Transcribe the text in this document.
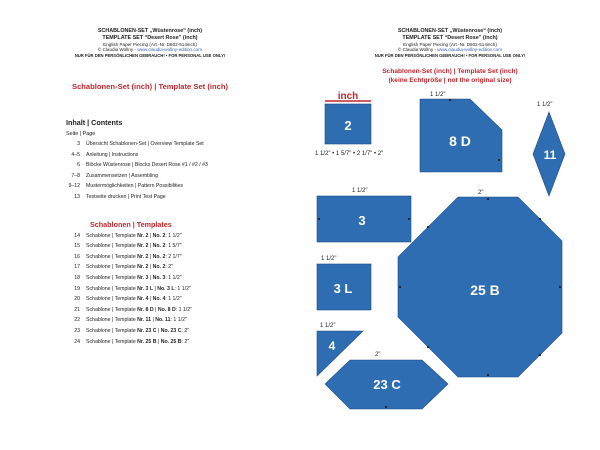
SCHABLONEN-SET „Wüstenrose“ (inch)
TEMPLATE SET “Desert Rose” (inch)
English Paper Piecing (Art.-Nr. D802-514inch)
© Claudia Wollny - www.claudia-wollny-edition.com
NUR FÜR DEN PERSÖNLICHEN GEBRAUCH! • FOR PERSONAL USE ONLY!
Schablonen-Set (inch) | Template Set (inch)
Inhalt | Contents
Seite | Page
3 Übersicht Schablonen-Set | Overview Template Set
4–5 Anleitung | Instructions
6 Blöcke Wüstenrose | Blocks Desert Rose #1 / #2 / #3
7–8 Zusammensetzen | Assembling
9–12 Mustermöglichkeiten | Pattern Possibilities
13 Testseite drucken | Print Test Page
Schablonen | Templates
14 Schablone | Template Nr. 2 | No. 2: 1 1/2"
15 Schablone | Template Nr. 2 | No. 2: 1 5/7"
16 Schablone | Template Nr. 2 | No. 2: 2 1/7"
17 Schablone | Template Nr. 2 | No. 2: 2"
18 Schablone | Template Nr. 3 | No. 3: 1 1/2"
19 Schablone | Template Nr. 3 L | No. 3 L: 1 1/2"
20 Schablone | Template Nr. 4 | No. 4: 1 1/2"
21 Schablone | Template Nr. 8 D | No. 8 D: 1 1/2"
22 Schablone | Template Nr. 11 | No. 11: 1 1/2"
23 Schablone | Template Nr. 23 C | No. 23 C: 2"
24 Schablone | Template Nr. 25 B | No. 25 B: 2"
SCHABLONEN-SET „Wüstenrose“ (inch)
TEMPLATE SET “Desert Rose” (inch)
English Paper Piecing (Art.-Nr. D802-514inch)
© Claudia Wollny - www.claudia-wollny-edition.com
NUR FÜR DEN PERSÖNLICHEN GEBRAUCH! • FOR PERSONAL USE ONLY!
Schablonen-Set (inch) | Template Set (inch)
(keine Echtgröße | not the original size)
inch
2
1 1/2" • 1 5/7" • 2 1/7" • 2"
1 1/2"
8 D
1 1/2"
11
1 1/2"
3
2"
25 B
1 1/2"
3 L
1 1/2"
4
2"
23 C
